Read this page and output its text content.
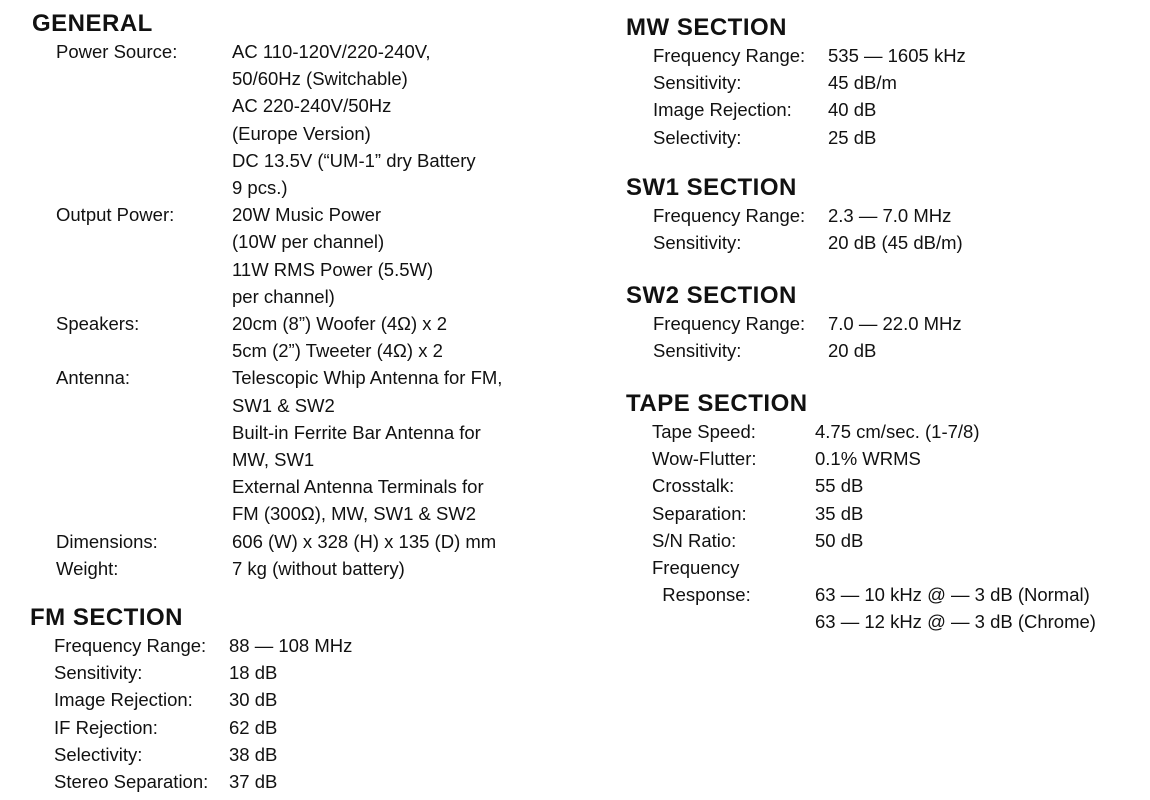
GENERAL
Power Source:	AC 110-120V/220-240V,
50/60Hz (Switchable)
AC 220-240V/50Hz
(Europe Version)
DC 13.5V (“UM-1” dry Battery
9 pcs.)
Output Power:	20W Music Power
(10W per channel)
11W RMS Power (5.5W)
per channel)
Speakers:	20cm (8”) Woofer (4Ω) x 2
5cm (2”) Tweeter (4Ω) x 2
Antenna:	Telescopic Whip Antenna for FM,
SW1 & SW2
Built-in Ferrite Bar Antenna for
MW, SW1
External Antenna Terminals for
FM (300Ω), MW, SW1 & SW2
Dimensions:	606 (W) x 328 (H) x 135 (D) mm
Weight:	7 kg (without battery)
FM SECTION
Frequency Range:	88 — 108 MHz
Sensitivity:	18 dB
Image Rejection:	30 dB
IF Rejection:	62 dB
Selectivity:	38 dB
Stereo Separation:	37 dB
MW SECTION
Frequency Range:	535 — 1605 kHz
Sensitivity:	45 dB/m
Image Rejection:	40 dB
Selectivity:	25 dB
SW1 SECTION
Frequency Range:	2.3 — 7.0 MHz
Sensitivity:	20 dB (45 dB/m)
SW2 SECTION
Frequency Range:	7.0 — 22.0 MHz
Sensitivity:	20 dB
TAPE SECTION
Tape Speed:	4.75 cm/sec. (1-7/8)
Wow-Flutter:	0.1% WRMS
Crosstalk:	55 dB
Separation:	35 dB
S/N Ratio:	50 dB
Frequency
Response:	63 — 10 kHz @ — 3 dB (Normal)
63 — 12 kHz @ — 3 dB (Chrome)
